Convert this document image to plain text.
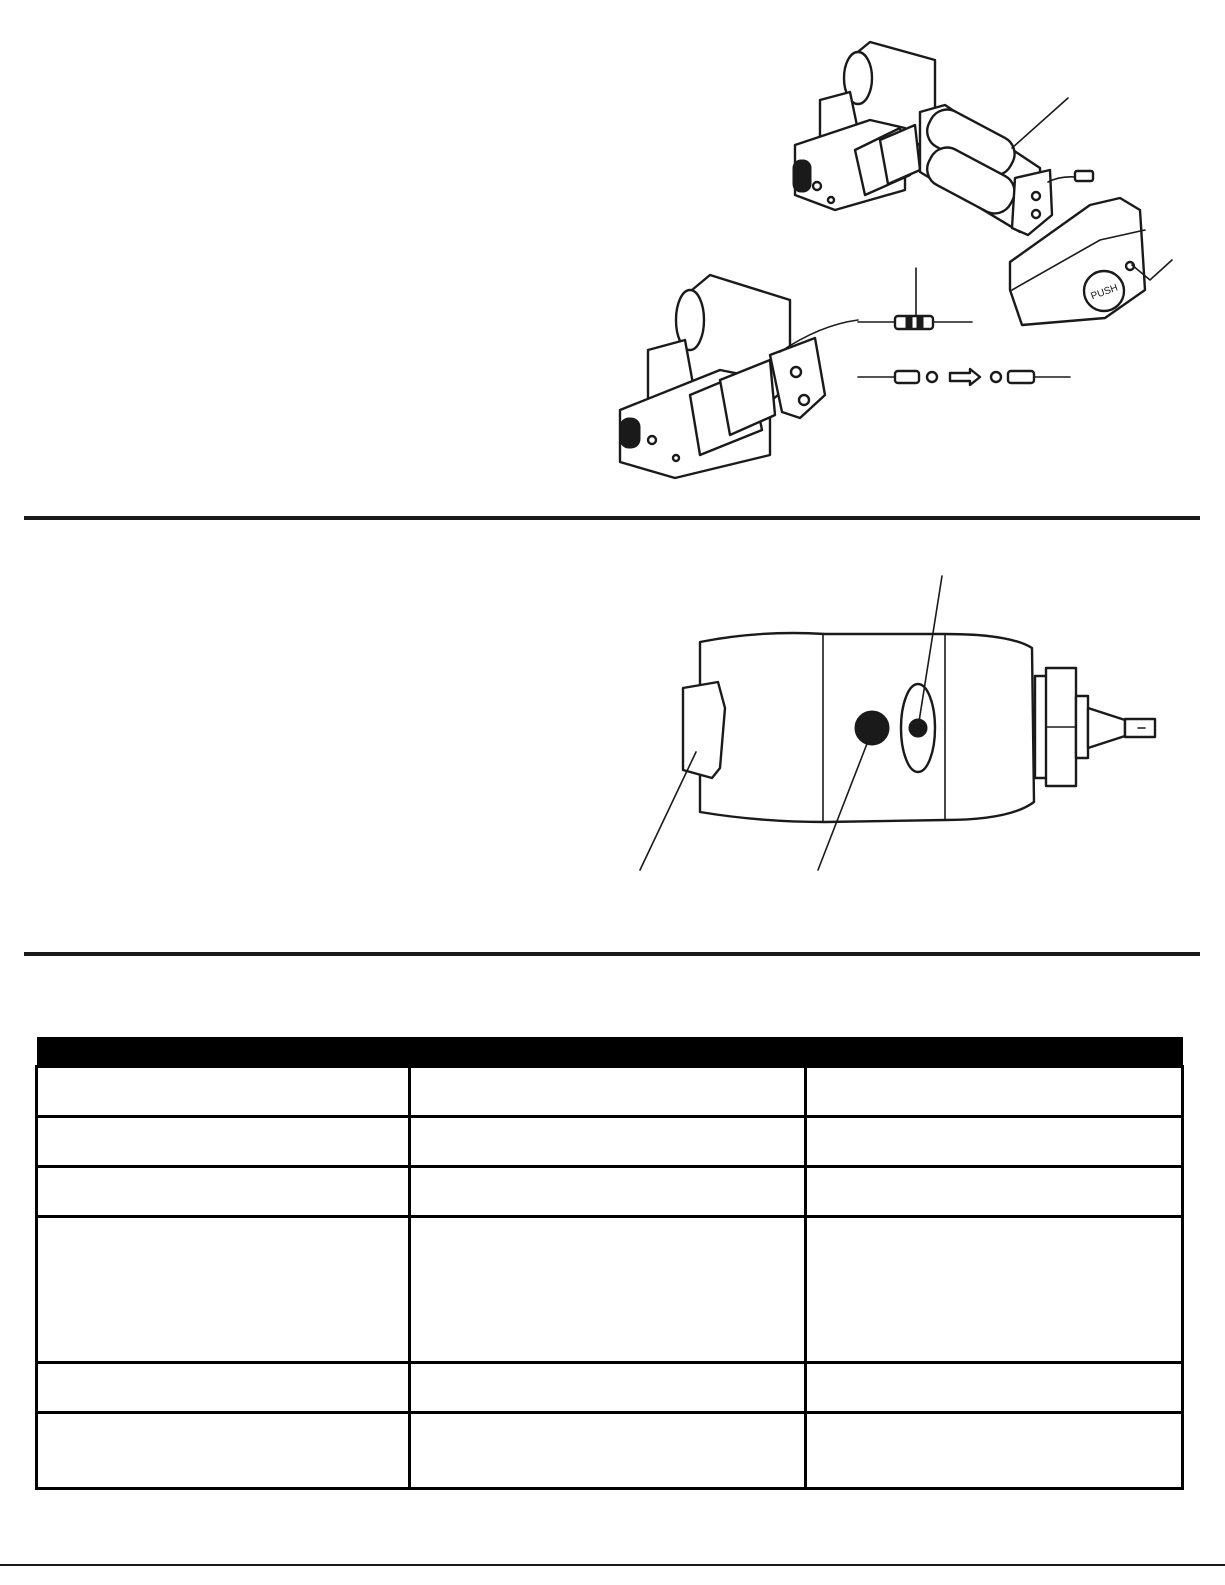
PUSH
